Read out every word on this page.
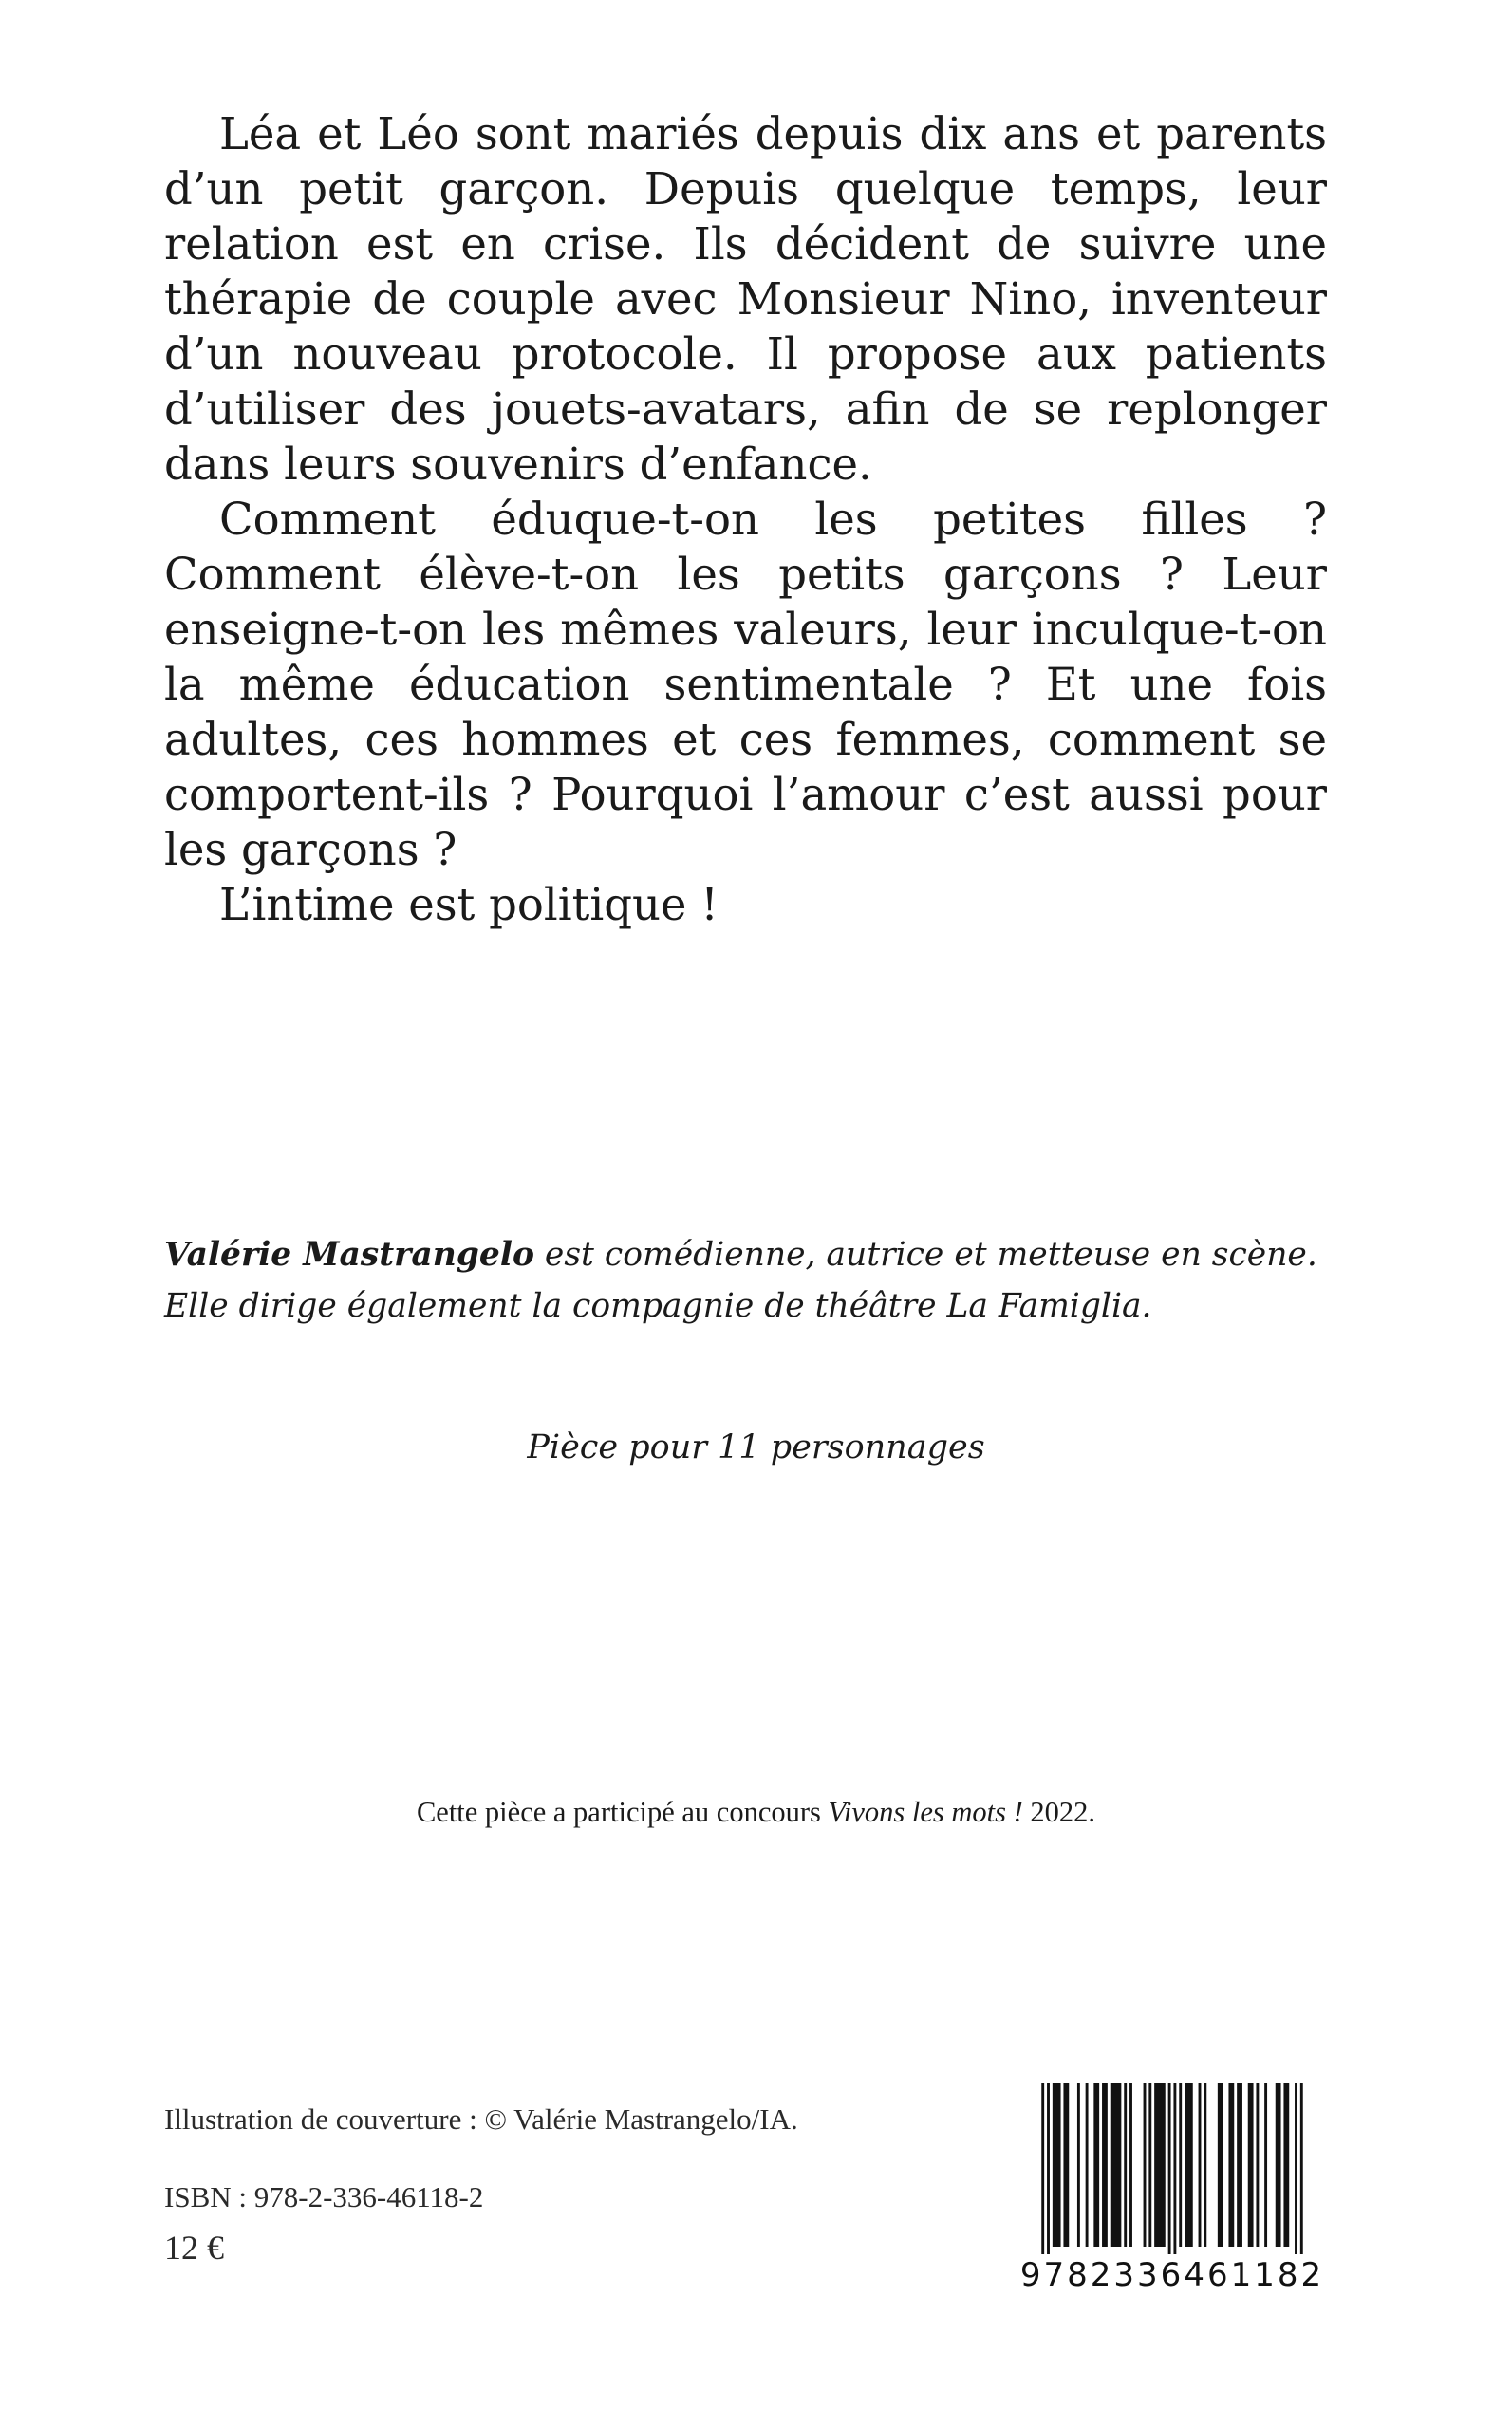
Léa et Léo sont mariés depuis dix ans et parents d’un petit garçon. Depuis quelque temps, leur relation est en crise. Ils décident de suivre une thérapie de couple avec Monsieur Nino, inventeur d’un nouveau protocole. Il propose aux patients d’utiliser des jouets-avatars, afin de se replonger dans leurs souvenirs d’enfance.

Comment éduque-t-on les petites filles ? Comment élève-t-on les petits garçons ? Leur enseigne-t-on les mêmes valeurs, leur inculque-t-on la même éducation sentimentale ? Et une fois adultes, ces hommes et ces femmes, comment se comportent-ils ? Pourquoi l’amour c’est aussi pour les garçons ?

L’intime est politique !

Valérie Mastrangelo est comédienne, autrice et metteuse en scène.
Elle dirige également la compagnie de théâtre La Famiglia.
Pièce pour 11 personnages
Cette pièce a participé au concours Vivons les mots ! 2022.
Illustration de couverture : © Valérie Mastrangelo/IA.
ISBN : 978-2-336-46118-2
12 €
9782336461182
